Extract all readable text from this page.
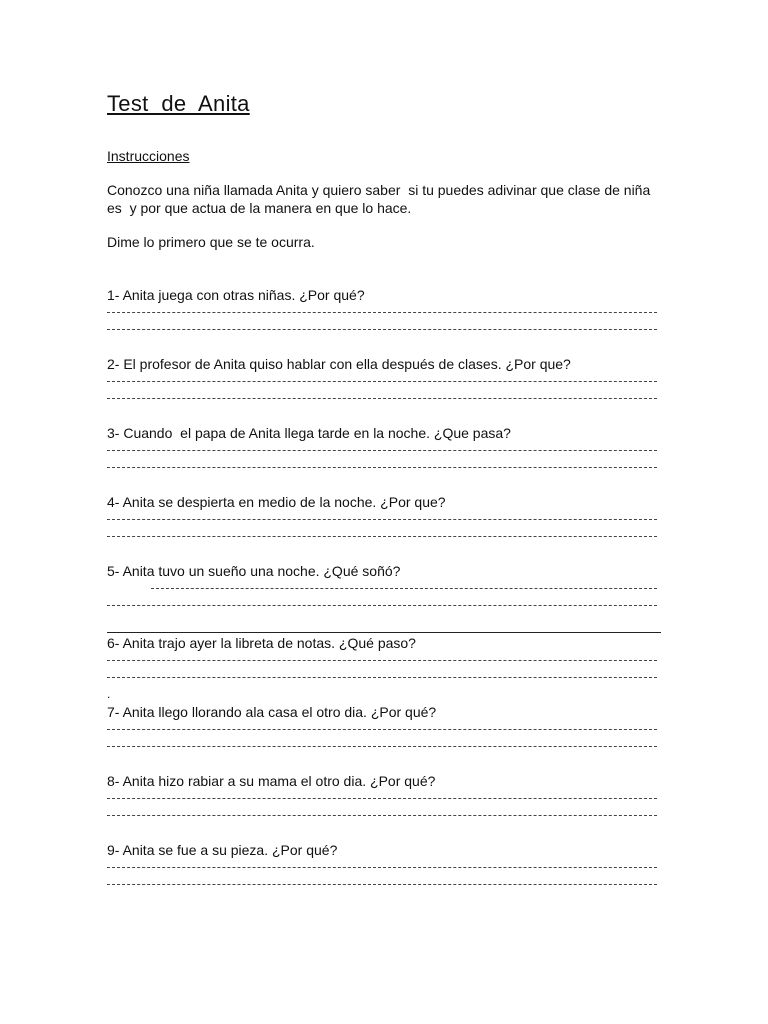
Test  de  Anita

Instrucciones

Conozco una niña llamada Anita y quiero saber  si tu puedes adivinar que clase de niña es  y por que actua de la manera en que lo hace.

Dime lo primero que se te ocurra.

1- Anita juega con otras niñas. ¿Por qué?

2- El profesor de Anita quiso hablar con ella después de clases. ¿Por que?

3- Cuando  el papa de Anita llega tarde en la noche. ¿Que pasa?

4- Anita se despierta en medio de la noche. ¿Por que?

5- Anita tuvo un sueño una noche. ¿Qué soñó?

6- Anita trajo ayer la libreta de notas. ¿Qué paso?

.

7- Anita llego llorando ala casa el otro dia. ¿Por qué?

8- Anita hizo rabiar a su mama el otro dia. ¿Por qué?

9- Anita se fue a su pieza. ¿Por qué?
